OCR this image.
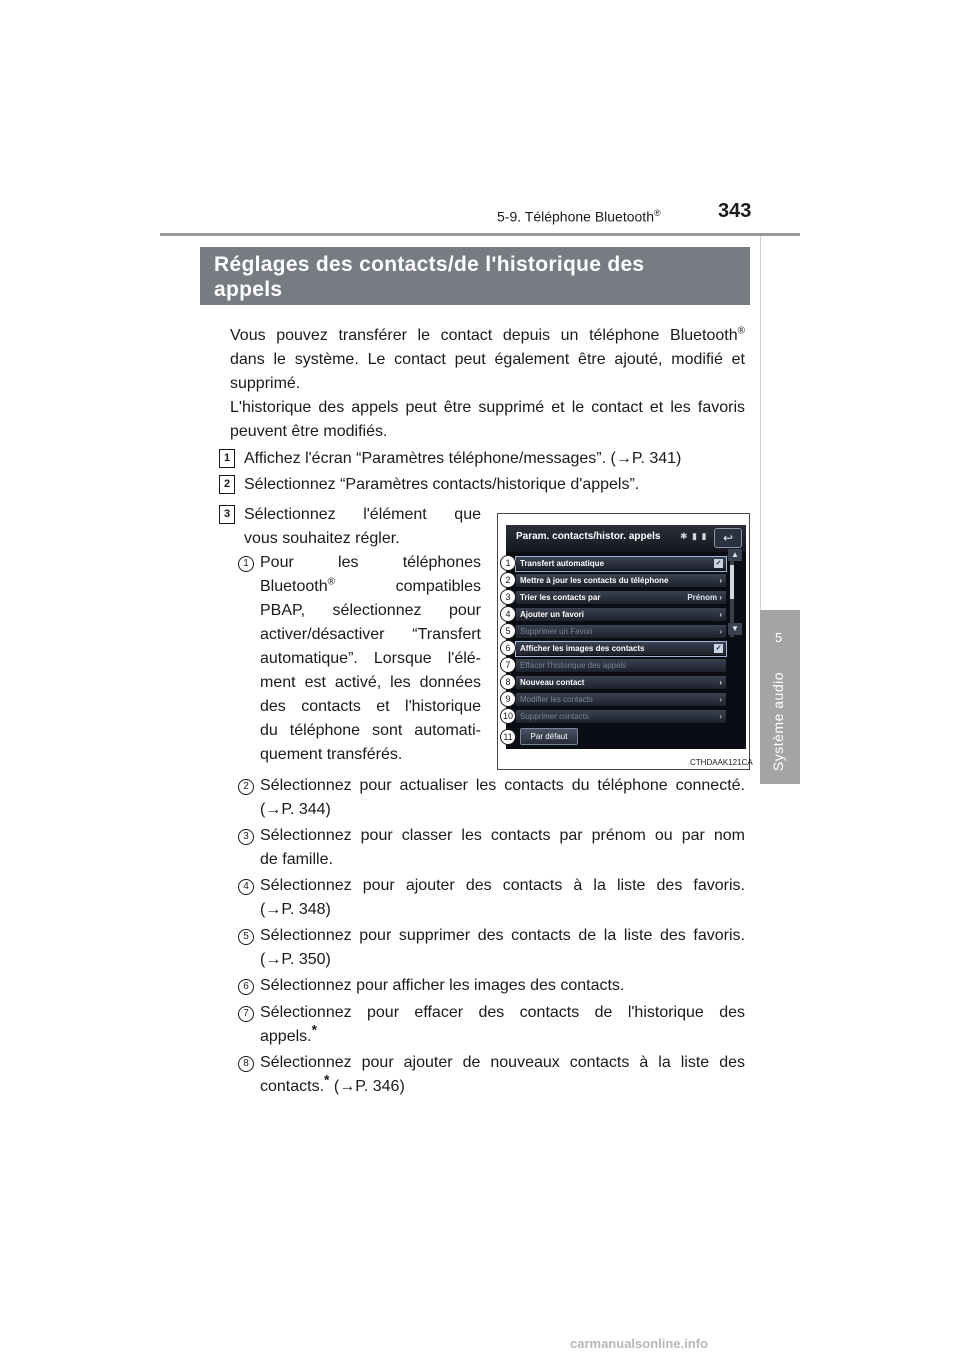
5-9. Téléphone Bluetooth®	343
5
Système audio
Réglages des contacts/de l'historique des
appels
Vous pouvez transférer le contact depuis un téléphone Bluetooth®
dans le système. Le contact peut également être ajouté, modifié et
supprimé.
L'historique des appels peut être supprimé et le contact et les favoris
peuvent être modifiés.
1 Affichez l'écran “Paramètres téléphone/messages”. (→P. 341)
2 Sélectionnez “Paramètres contacts/historique d'appels”.
3 Sélectionnez l'élément que
vous souhaitez régler.
1 Pour les téléphones
Bluetooth®	compatibles
PBAP, sélectionnez pour
activer/désactiver “Transfert
automatique”. Lorsque l'élé-
ment est activé, les données
des contacts et l'historique
du téléphone sont automati-
quement transférés.
Param. contacts/histor. appels ✱ ▮ ▮	↩
Transfert automatique	✓
Mettre à jour les contacts du téléphone	›
Trier les contacts par	Prénom ›
Ajouter un favori	›
Supprimer un Favori	›
Afficher les images des contacts	✓
Effacer l'historique des appels
Nouveau contact	›
Modifier les contacts	›
Supprimer contacts	›
▲
▼
Par défaut
1
2
3
4
5
6
7
8
9
10
11
CTHDAAK121CA
2 Sélectionnez pour actualiser les contacts du téléphone connecté.
(→P. 344)
3 Sélectionnez pour classer les contacts par prénom ou par nom
de famille.
4 Sélectionnez pour ajouter des contacts à la liste des favoris.
(→P. 348)
5 Sélectionnez pour supprimer des contacts de la liste des favoris.
(→P. 350)
6 Sélectionnez pour afficher les images des contacts.
7 Sélectionnez pour effacer des contacts de l'historique des
appels.*
8 Sélectionnez pour ajouter de nouveaux contacts à la liste des
contacts.* (→P. 346)
carmanualsonline.info
